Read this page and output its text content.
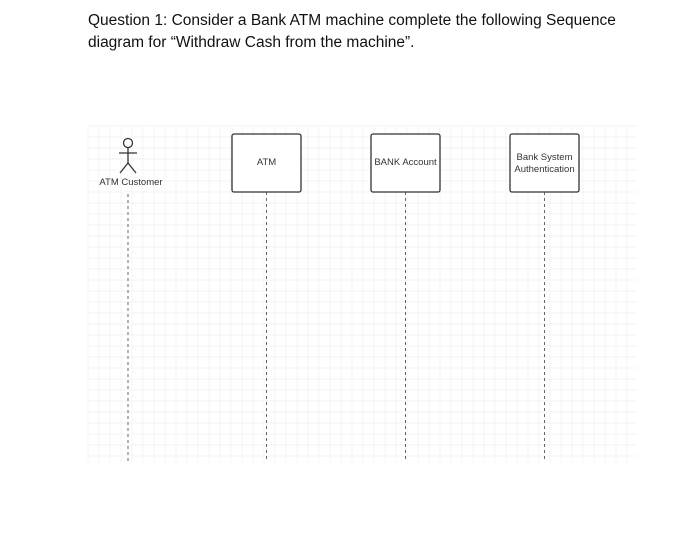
Question 1: Consider a Bank ATM machine complete the following Sequence
diagram for “Withdraw Cash from the machine”.

ATM Customer
ATM	BANK Account	Bank System
Authentication
